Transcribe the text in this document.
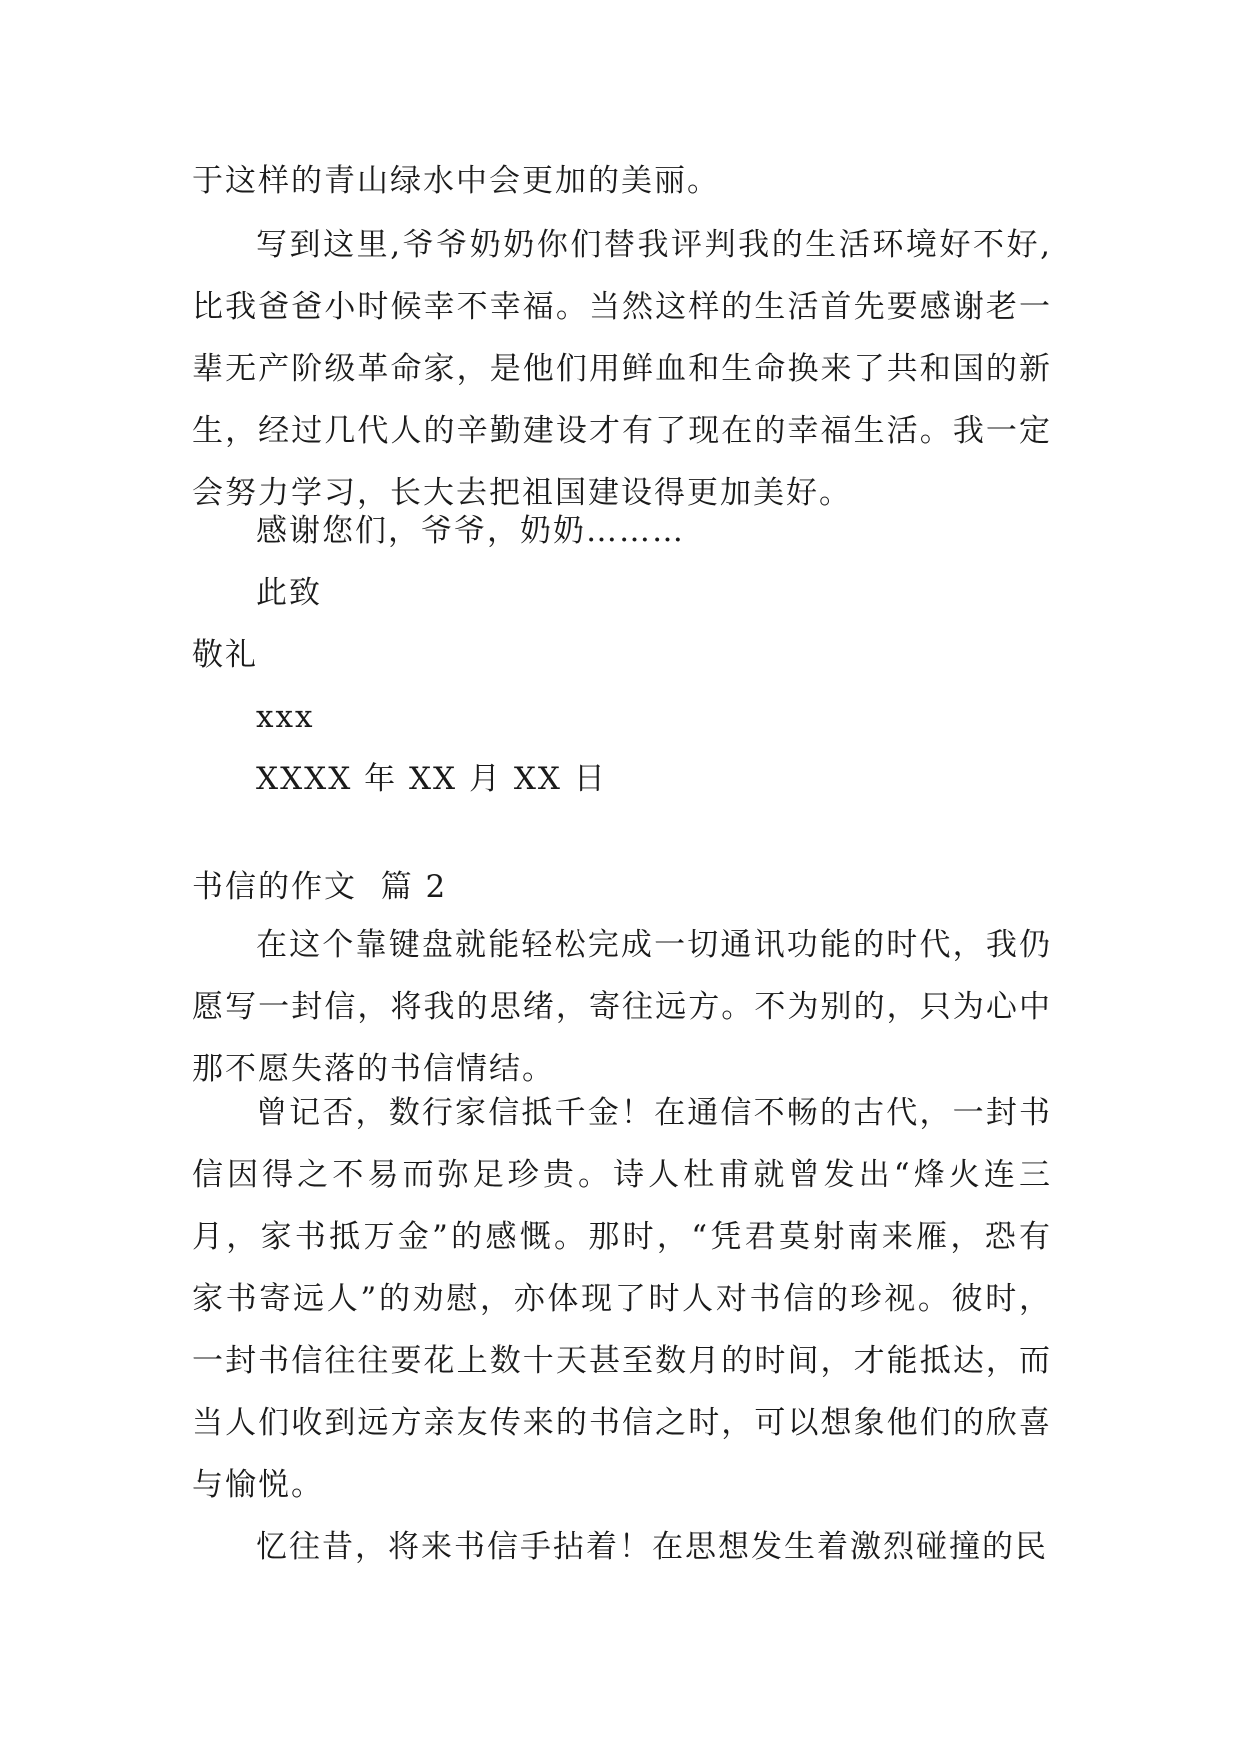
于这样的青山绿水中会更加的美丽。

写到这里,爷爷奶奶你们替我评判我的生活环境好不好,比我爸爸小时候幸不幸福。当然这样的生活首先要感谢老一辈无产阶级革命家，是他们用鲜血和生命换来了共和国的新生，经过几代人的辛勤建设才有了现在的幸福生活。我一定会努力学习，长大去把祖国建设得更加美好。

感谢您们，爷爷，奶奶………

此致

敬礼

xxx

XXXX 年 XX 月 XX 日

书信的作文  篇 2

在这个靠键盘就能轻松完成一切通讯功能的时代，我仍愿写一封信，将我的思绪，寄往远方。不为别的，只为心中那不愿失落的书信情结。

曾记否，数行家信抵千金！在通信不畅的古代，一封书信因得之不易而弥足珍贵。诗人杜甫就曾发出“烽火连三月，家书抵万金”的感慨。那时，“凭君莫射南来雁，恐有家书寄远人”的劝慰，亦体现了时人对书信的珍视。彼时，一封书信往往要花上数十天甚至数月的时间，才能抵达，而当人们收到远方亲友传来的书信之时，可以想象他们的欣喜与愉悦。

忆往昔，将来书信手拈着！在思想发生着激烈碰撞的民
